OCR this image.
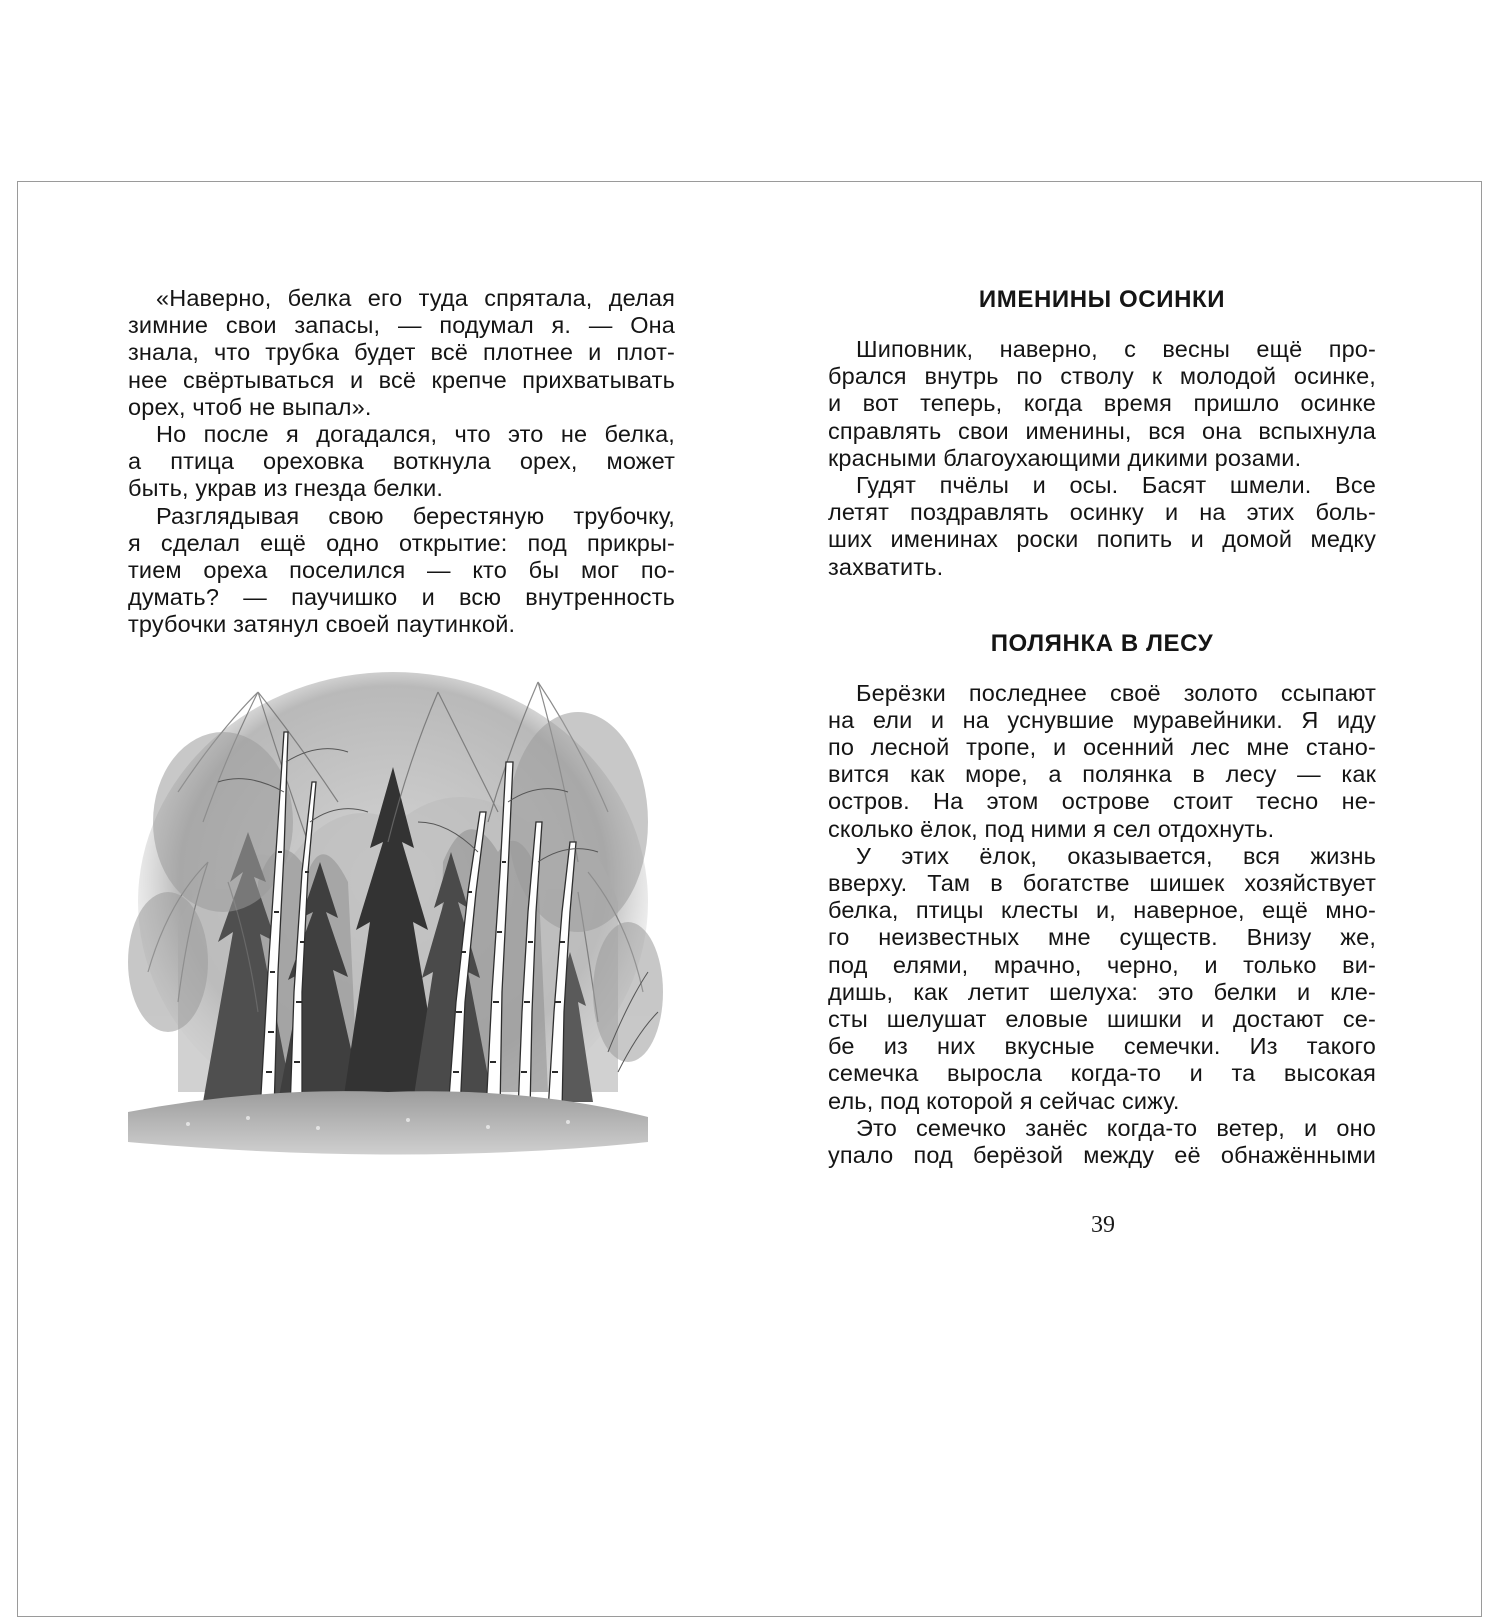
«Наверно, белка его туда спрятала, делая
зимние свои запасы, — подумал я. — Она
знала, что трубка будет всё плотнее и плот-
нее свёртываться и всё крепче прихватывать
орех, чтоб не выпал».
Но после я догадался, что это не белка,
а птица ореховка воткнула орех, может
быть, украв из гнезда белки.
Разглядывая свою берестяную трубочку,
я сделал ещё одно открытие: под прикры-
тием ореха поселился — кто бы мог по-
думать? — паучишко и всю внутренность
трубочки затянул своей паутинкой.
ИМЕНИНЫ ОСИНКИ
Шиповник, наверно, с весны ещё про-
брался внутрь по стволу к молодой осинке,
и вот теперь, когда время пришло осинке
справлять свои именины, вся она вспыхнула
красными благоухающими дикими розами.
Гудят пчёлы и осы. Басят шмели. Все
летят поздравлять осинку и на этих боль-
ших именинах роски попить и домой медку
захватить.
ПОЛЯНКА В ЛЕСУ
Берёзки последнее своё золото ссыпают
на ели и на уснувшие муравейники. Я иду
по лесной тропе, и осенний лес мне стано-
вится как море, а полянка в лесу — как
остров. На этом острове стоит тесно не-
сколько ёлок, под ними я сел отдохнуть.
У этих ёлок, оказывается, вся жизнь
вверху. Там в богатстве шишек хозяйствует
белка, птицы клесты и, наверное, ещё мно-
го неизвестных мне существ. Внизу же,
под елями, мрачно, черно, и только ви-
дишь, как летит шелуха: это белки и кле-
сты шелушат еловые шишки и достают се-
бе из них вкусные семечки. Из такого
семечка выросла когда-то и та высокая
ель, под которой я сейчас сижу.
Это семечко занёс когда-то ветер, и оно
упало под берёзой между её обнажёнными
39
